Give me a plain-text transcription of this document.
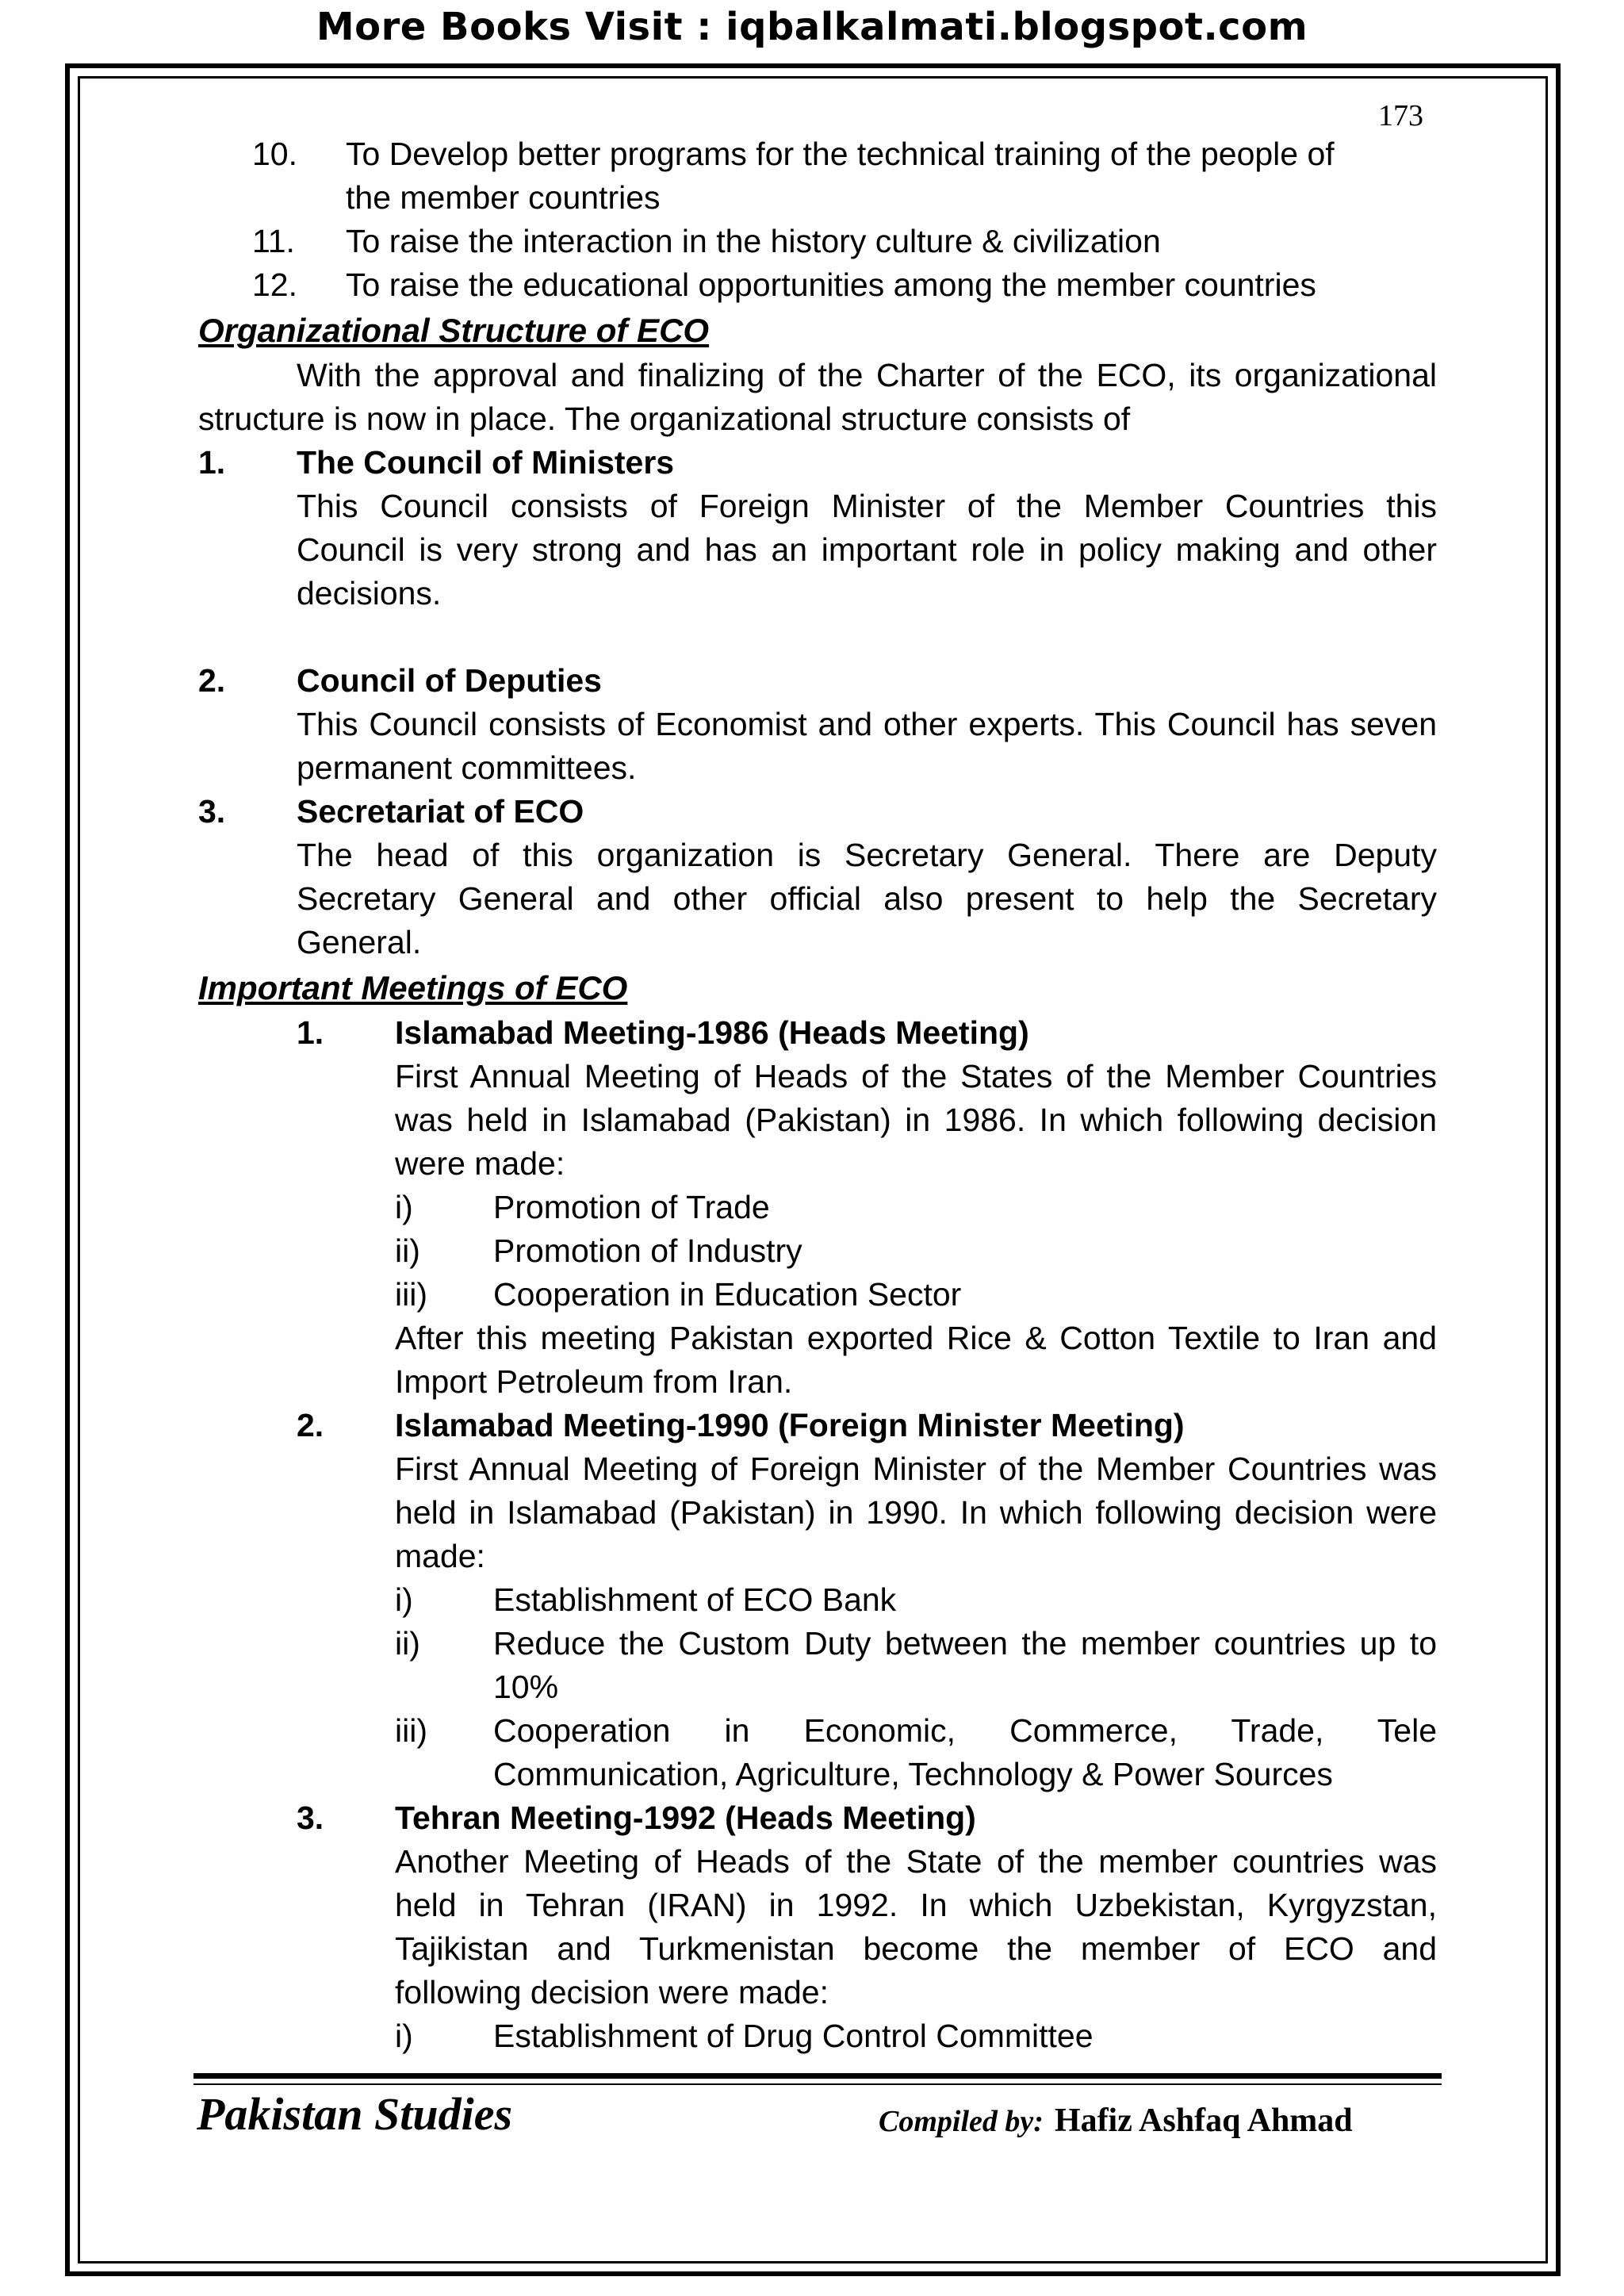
More Books Visit : iqbalkalmati.blogspot.com
173
10. To Develop better programs for the technical training of the people of
the member countries
11. To raise the interaction in the history culture & civilization
12. To raise the educational opportunities among the member countries
Organizational Structure of ECO
With the approval and finalizing of the Charter of the ECO, its organizational
structure is now in place. The organizational structure consists of
1. The Council of Ministers
This Council consists of Foreign Minister of the Member Countries this
Council is very strong and has an important role in policy making and other
decisions.
2. Council of Deputies
This Council consists of Economist and other experts. This Council has seven
permanent committees.
3. Secretariat of ECO
The head of this organization is Secretary General. There are Deputy
Secretary General and other official also present to help the Secretary
General.
Important Meetings of ECO
1. Islamabad Meeting-1986 (Heads Meeting)
First Annual Meeting of Heads of the States of the Member Countries
was held in Islamabad (Pakistan) in 1986. In which following decision
were made:
i) Promotion of Trade
ii) Promotion of Industry
iii) Cooperation in Education Sector
After this meeting Pakistan exported Rice & Cotton Textile to Iran and
Import Petroleum from Iran.
2. Islamabad Meeting-1990 (Foreign Minister Meeting)
First Annual Meeting of Foreign Minister of the Member Countries was
held in Islamabad (Pakistan) in 1990. In which following decision were
made:
i) Establishment of ECO Bank
ii) Reduce the Custom Duty between the member countries up to
10%
iii) Cooperation in Economic, Commerce, Trade, Tele
Communication, Agriculture, Technology & Power Sources
3. Tehran Meeting-1992 (Heads Meeting)
Another Meeting of Heads of the State of the member countries was
held in Tehran (IRAN) in 1992. In which Uzbekistan, Kyrgyzstan,
Tajikistan and Turkmenistan become the member of ECO and
following decision were made:
i) Establishment of Drug Control Committee
Pakistan Studies	Compiled by: Hafiz Ashfaq Ahmad
